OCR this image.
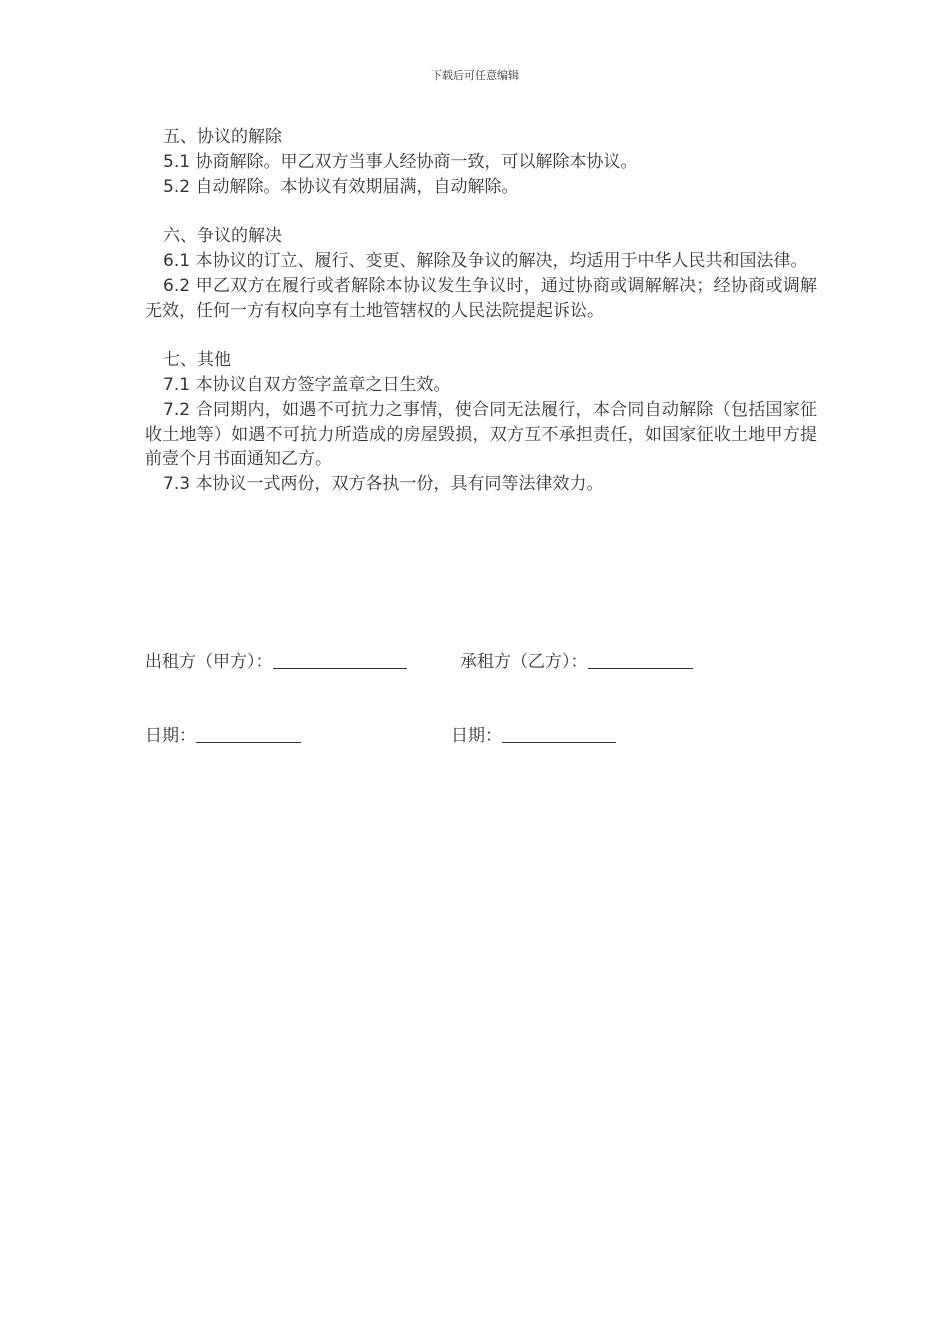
下载后可任意编辑
五、协议的解除
5.1 协商解除。甲乙双方当事人经协商一致，可以解除本协议。
5.2 自动解除。本协议有效期届满，自动解除。
六、争议的解决
6.1 本协议的订立、履行、变更、解除及争议的解决，均适用于中华人民共和国法律。
6.2 甲乙双方在履行或者解除本协议发生争议时，通过协商或调解解决；经协商或调解无效，任何一方有权向享有土地管辖权的人民法院提起诉讼。
七、其他
7.1 本协议自双方签字盖章之日生效。
7.2 合同期内，如遇不可抗力之事情，使合同无法履行，本合同自动解除（包括国家征收土地等）如遇不可抗力所造成的房屋毁损，双方互不承担责任，如国家征收土地甲方提前壹个月书面通知乙方。
7.3 本协议一式两份，双方各执一份，具有同等法律效力。
出租方（甲方）：	承租方（乙方）：
日期：	日期：
